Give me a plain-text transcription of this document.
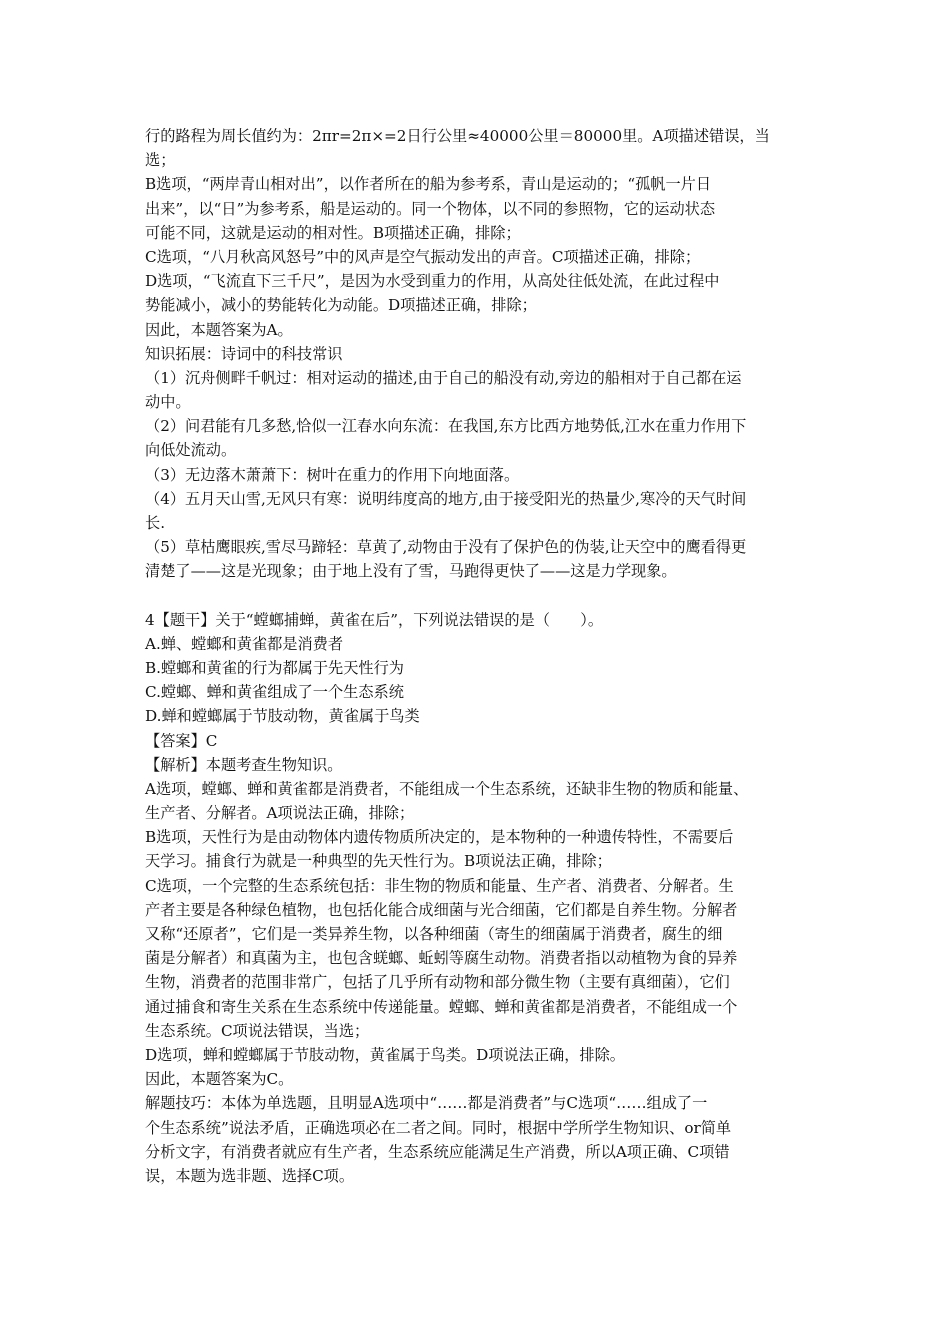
行的路程为周长值约为：2πr=2π×=2日行公里≈40000公里＝80000里。A项描述错误，当
选；
B选项，“两岸青山相对出”，以作者所在的船为参考系，青山是运动的；“孤帆一片日
出来”，以“日”为参考系，船是运动的。同一个物体，以不同的参照物，它的运动状态
可能不同，这就是运动的相对性。B项描述正确，排除；
C选项，“八月秋高风怒号”中的风声是空气振动发出的声音。C项描述正确，排除；
D选项，“飞流直下三千尺”，是因为水受到重力的作用，从高处往低处流，在此过程中
势能减小，减小的势能转化为动能。D项描述正确，排除；
因此，本题答案为A。
知识拓展：诗词中的科技常识
（1）沉舟侧畔千帆过：相对运动的描述,由于自己的船没有动,旁边的船相对于自己都在运
动中。
（2）问君能有几多愁,恰似一江春水向东流：在我国,东方比西方地势低,江水在重力作用下
向低处流动。
（3）无边落木萧萧下：树叶在重力的作用下向地面落。
（4）五月天山雪,无风只有寒：说明纬度高的地方,由于接受阳光的热量少,寒冷的天气时间
长.
（5）草枯鹰眼疾,雪尽马蹄轻：草黄了,动物由于没有了保护色的伪装,让天空中的鹰看得更
清楚了——这是光现象；由于地上没有了雪，马跑得更快了——这是力学现象。
4【题干】关于“螳螂捕蝉，黄雀在后”，下列说法错误的是（　　）。
A.蝉、螳螂和黄雀都是消费者
B.螳螂和黄雀的行为都属于先天性行为
C.螳螂、蝉和黄雀组成了一个生态系统
D.蝉和螳螂属于节肢动物，黄雀属于鸟类
【答案】C
【解析】本题考查生物知识。
A选项，螳螂、蝉和黄雀都是消费者，不能组成一个生态系统，还缺非生物的物质和能量、
生产者、分解者。A项说法正确，排除；
B选项，天性行为是由动物体内遗传物质所决定的，是本物种的一种遗传特性，不需要后
天学习。捕食行为就是一种典型的先天性行为。B项说法正确，排除；
C选项，一个完整的生态系统包括：非生物的物质和能量、生产者、消费者、分解者。生
产者主要是各种绿色植物，也包括化能合成细菌与光合细菌，它们都是自养生物。分解者
又称“还原者”，它们是一类异养生物，以各种细菌（寄生的细菌属于消费者，腐生的细
菌是分解者）和真菌为主，也包含蜣螂、蚯蚓等腐生动物。消费者指以动植物为食的异养
生物，消费者的范围非常广，包括了几乎所有动物和部分微生物（主要有真细菌），它们
通过捕食和寄生关系在生态系统中传递能量。螳螂、蝉和黄雀都是消费者，不能组成一个
生态系统。C项说法错误，当选；
D选项，蝉和螳螂属于节肢动物，黄雀属于鸟类。D项说法正确，排除。
因此，本题答案为C。
解题技巧：本体为单选题，且明显A选项中“……都是消费者”与C选项“……组成了一
个生态系统”说法矛盾，正确选项必在二者之间。同时，根据中学所学生物知识、or简单
分析文字，有消费者就应有生产者，生态系统应能满足生产消费，所以A项正确、C项错
误，本题为选非题、选择C项。
